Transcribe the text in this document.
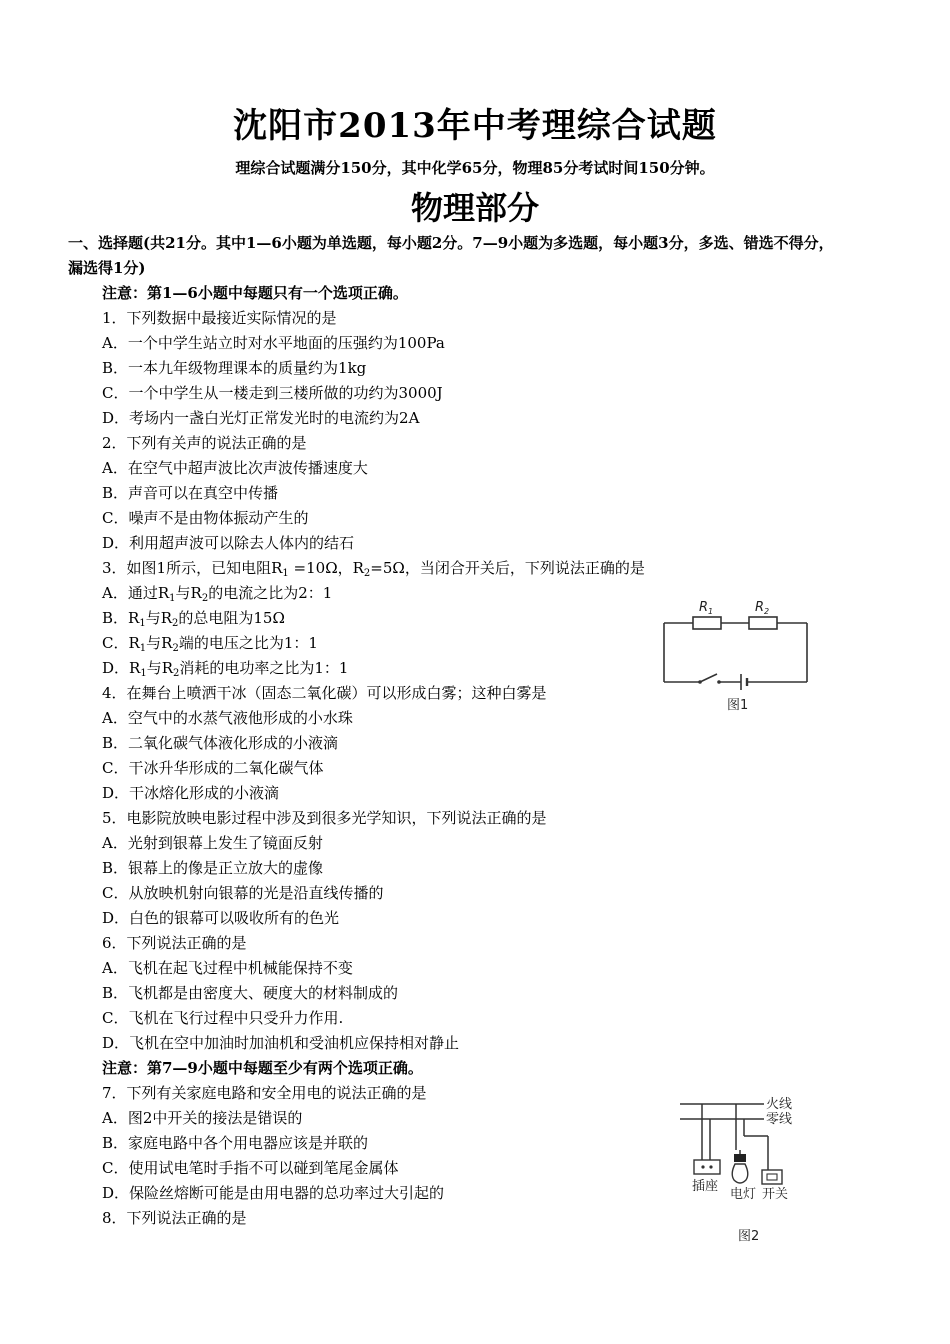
沈阳市2013年中考理综合试题
理综合试题满分150分，其中化学65分，物理85分考试时间150分钟。
物理部分
一、选择题(共21分。其中1—6小题为单选题，每小题2分。7—9小题为多选题，每小题3分，多选、错选不得分，
漏选得1分)
注意：第1—6小题中每题只有一个选项正确。
1．下列数据中最接近实际情况的是
A．一个中学生站立时对水平地面的压强约为100Pa
B．一本九年级物理课本的质量约为1kg
C．一个中学生从一楼走到三楼所做的功约为3000J
D．考场内一盏白光灯正常发光时的电流约为2A
2．下列有关声的说法正确的是
A．在空气中超声波比次声波传播速度大
B．声音可以在真空中传播
C．噪声不是由物体振动产生的
D．利用超声波可以除去人体内的结石
3．如图1所示，已知电阻$R_1 =10\Omega$，$R_2=5\Omega$，当闭合开关后，下列说法正确的是
A．通过$R_1$与$R_2$的电流之比为2：1
B．$R_1$与$R_2$的总电阻为15Ω
C．$R_1$与$R_2$端的电压之比为1：1
D．$R_1$与$R_2$消耗的电功率之比为1：1
$R_1$	$R_2$
图1
4．在舞台上喷洒干冰（固态二氧化碳）可以形成白雾；这种白雾是
A．空气中的水蒸气液他形成的小水珠
B．二氧化碳气体液化形成的小液滴
C．干冰升华形成的二氧化碳气体
D．干冰熔化形成的小液滴
5．电影院放映电影过程中涉及到很多光学知识，下列说法正确的是
A．光射到银幕上发生了镜面反射
B．银幕上的像是正立放大的虚像
C．从放映机射向银幕的光是沿直线传播的
D．白色的银幕可以吸收所有的色光
6．下列说法正确的是
A．飞机在起飞过程中机械能保持不变
B．飞机都是由密度大、硬度大的材料制成的
C．飞机在飞行过程中只受升力作用.
D．飞机在空中加油时加油机和受油机应保持相对静止
注意：第7—9小题中每题至少有两个选项正确。
7．下列有关家庭电路和安全用电的说法正确的是
A．图2中开关的接法是错误的
B．家庭电路中各个用电器应该是并联的
C．使用试电笔时手指不可以碰到笔尾金属体
D．保险丝熔断可能是由用电器的总功率过大引起的
8．下列说法正确的是
火线
零线
插座
电灯 开关
图2
